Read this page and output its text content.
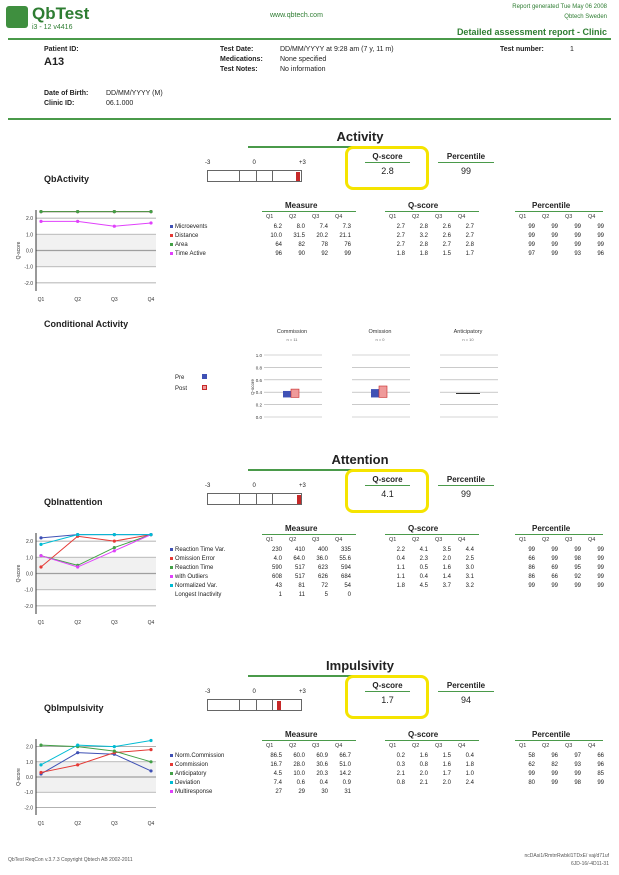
QbTest
i3 - 12 v4416
www.qbtech.com
Report generated Tue May 06 2008
Qbtech Sweden
Detailed assessment report - Clinic
Patient ID:
A13
Date of Birth:	DD/MM/YYYY (M)
Clinic ID:	06.1.000
Test Date:	DD/MM/YYYY at 9:28 am (7 y, 11 m)
Medications: None specified
Test Notes:	No information
Test number:	1
Activity
QbActivity
-3	0	+3
Q-score
2.8
Percentile
99
Measure	Q-score	Percentile
Q1	Q2	Q3	Q4	Q1	Q2	Q3	Q4	Q1	Q2	Q3	Q4
Microevents	6.2	8.0	7.4	7.3	2.7	2.8	2.6	2.7	99	99	99	99
Distance	10.0	31.5	20.2	21.1	2.7	3.2	2.6	2.7	99	99	99	99
Area	64	82	78	76	2.7	2.8	2.7	2.8	99	99	99	99
Time Active	96	90	92	99	1.8	1.8	1.5	1.7	97	99	93	96
2.0
1.0
0.0
-1.0
-2.0
Q-score
Q1	Q2	Q3	Q4
Attention
QbInattention
-3	0	+3
Q-score
4.1
Percentile
99
Measure	Q-score	Percentile
Q1	Q2	Q3	Q4	Q1	Q2	Q3	Q4	Q1	Q2	Q3	Q4
Reaction Time Var.	230	410	400	335	2.2	4.1	3.5	4.4	99	99	99	99
Omission Error	4.0	64.0	36.0	55.6	0.4	2.3	2.0	2.5	66	99	98	99
Reaction Time	590	517	623	594	1.1	0.5	1.6	3.0	86	69	95	99
with Outliers	608	517	626	684	1.1	0.4	1.4	3.1	86	66	92	99
Normalized Var.	43	81	72	54	1.8	4.5	3.7	3.2	99	99	99	99
Longest Inactivity	1	11	5	0
2.0
1.0
0.0
-1.0
-2.0
Q-score
Q1	Q2	Q3	Q4
Impulsivity
QbImpulsivity
-3	0	+3
Q-score
1.7
Percentile
94
Measure	Q-score	Percentile
Q1	Q2	Q3	Q4	Q1	Q2	Q3	Q4	Q1	Q2	Q3	Q4
Norm.Commission	86.5	60.0	60.9	66.7	0.2	1.6	1.5	0.4	58	96	97	66
Commission	16.7	28.0	30.6	51.0	0.3	0.8	1.6	1.8	62	82	93	96
Anticipatory	4.5	10.0	20.3	14.2	2.1	2.0	1.7	1.0	99	99	99	85
Deviation	7.4	0.6	0.4	0.9	0.8	2.1	2.0	2.4	80	99	98	99
Multiresponse	27	29	30	31
2.0
1.0
0.0
-1.0
-2.0
Q-score
Q1	Q2	Q3	Q4
Conditional Activity
Pre
Post
Commission
n = 11
1.0
0.8
0.6
0.4
0.2
0.0
Omission
n = 0
Anticipatory
n = 10
Q-score
QbTest ReqCon v.3.7.3 Copyright Qbtech AB 2002-2011
ncDAsi1/RmtrrRwbkl1TDxE/ vaj/d71uf
6JD-16/-4D11-31
